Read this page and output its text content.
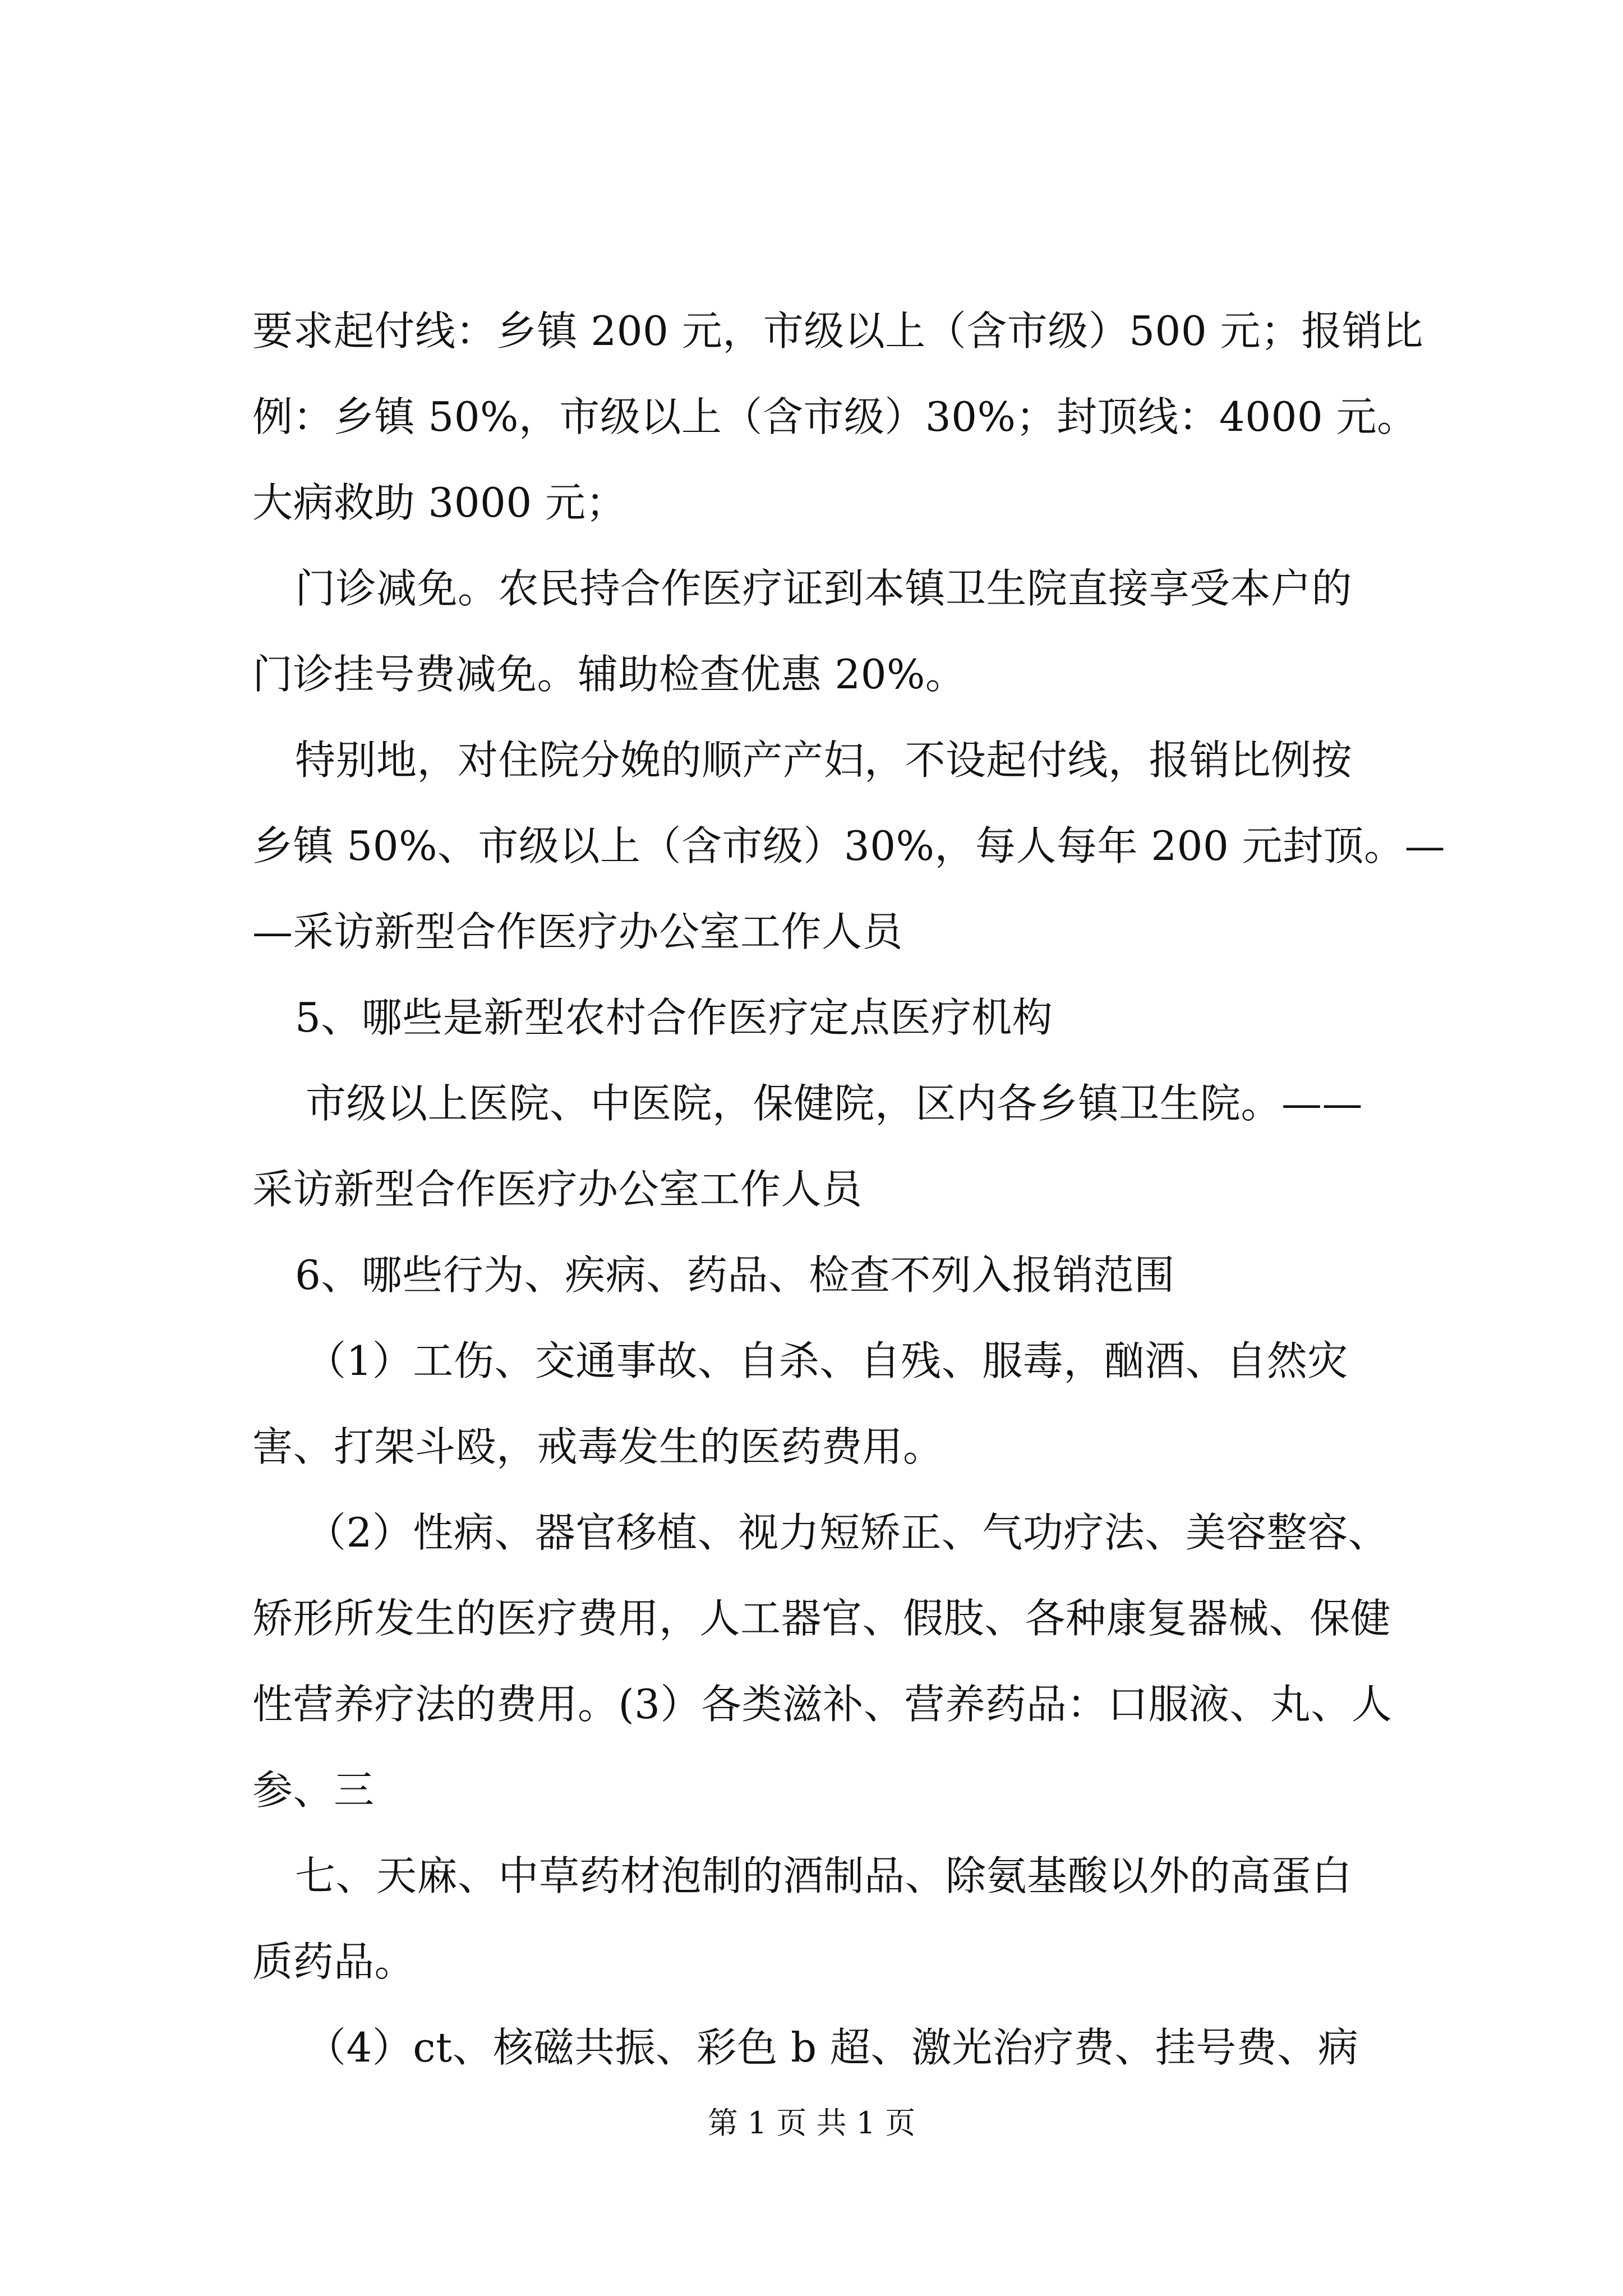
要求起付线：乡镇 200 元，市级以上（含市级）500 元；报销比
例：乡镇 50%，市级以上（含市级）30%；封顶线：4000 元。
大病救助 3000 元；
门诊减免。农民持合作医疗证到本镇卫生院直接享受本户的
门诊挂号费减免。辅助检查优惠 20%。
特别地，对住院分娩的顺产产妇，不设起付线，报销比例按
乡镇 50%、市级以上（含市级）30%，每人每年 200 元封顶。—
—采访新型合作医疗办公室工作人员
5、哪些是新型农村合作医疗定点医疗机构
市级以上医院、中医院，保健院，区内各乡镇卫生院。——
采访新型合作医疗办公室工作人员
6、哪些行为、疾病、药品、检查不列入报销范围
（1）工伤、交通事故、自杀、自残、服毒，酗酒、自然灾
害、打架斗殴，戒毒发生的医药费用。
（2）性病、器官移植、视力短矫正、气功疗法、美容整容、
矫形所发生的医疗费用，人工器官、假肢、各种康复器械、保健
性营养疗法的费用。(3）各类滋补、营养药品：口服液、丸、人
参、三
七、天麻、中草药材泡制的酒制品、除氨基酸以外的高蛋白
质药品。
（4）ct、核磁共振、彩色 b 超、激光治疗费、挂号费、病
第 1 页 共 1 页
